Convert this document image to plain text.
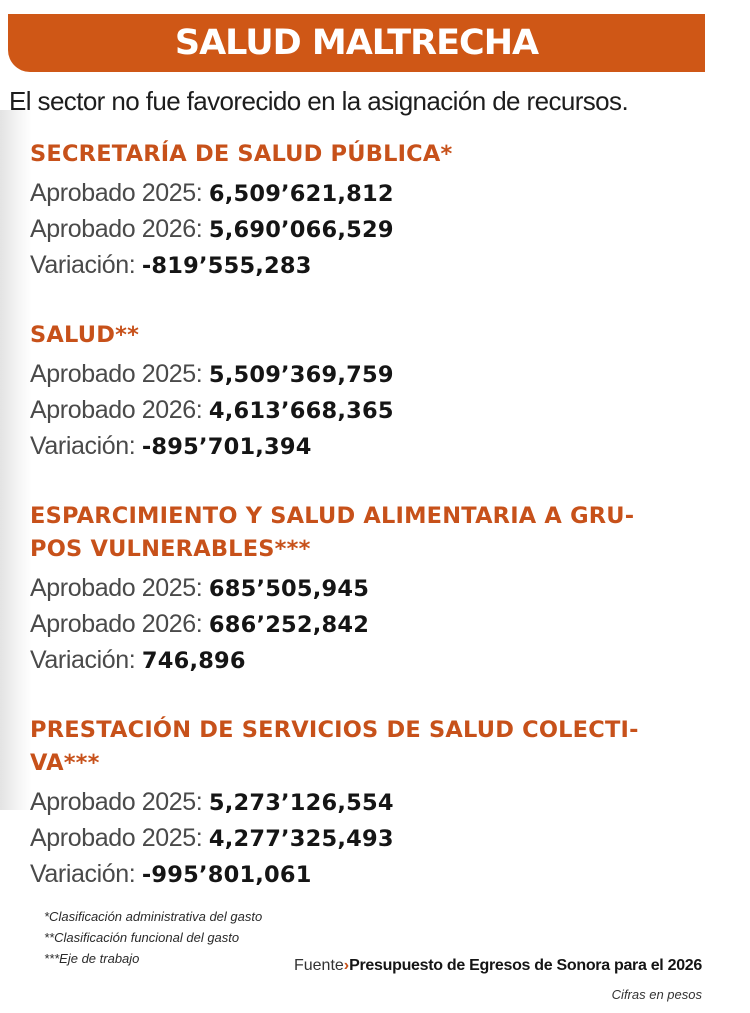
SALUD MALTRECHA
El sector no fue favorecido en la asignación de recursos.
SECRETARÍA DE SALUD PÚBLICA*
Aprobado 2025: 6,509’621,812
Aprobado 2026: 5,690’066,529
Variación: -819’555,283
SALUD**
Aprobado 2025: 5,509’369,759
Aprobado 2026: 4,613’668,365
Variación: -895’701,394
ESPARCIMIENTO Y SALUD ALIMENTARIA A GRU-
POS VULNERABLES***
Aprobado 2025: 685’505,945
Aprobado 2026: 686’252,842
Variación: 746,896
PRESTACIÓN DE SERVICIOS DE SALUD COLECTI-
VA***
Aprobado 2025: 5,273’126,554
Aprobado 2025: 4,277’325,493
Variación: -995’801,061
*Clasificación administrativa del gasto
**Clasificación funcional del gasto
***Eje de trabajo	Fuente›Presupuesto de Egresos de Sonora para el 2026
Cifras en pesos
